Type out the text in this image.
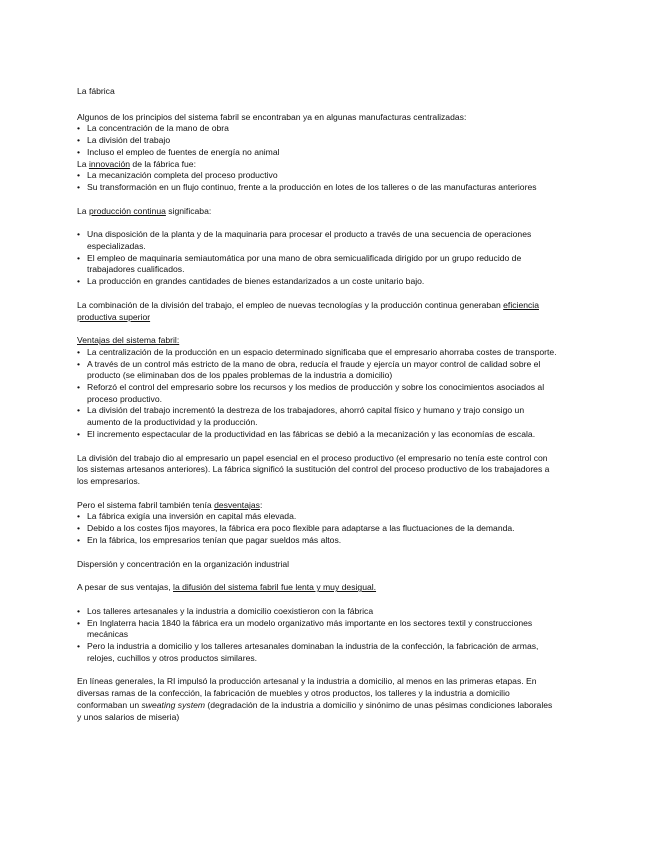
La fábrica

Algunos de los principios del sistema fabril se encontraban ya en algunas manufacturas centralizadas:

• La concentración de la mano de obra
• La división del trabajo
• Incluso el empleo de fuentes de energía no animal

La innovación de la fábrica fue:

• La mecanización completa del proceso productivo
• Su transformación en un flujo continuo, frente a la producción en lotes de los talleres o de las manufacturas anteriores

La producción continua significaba:

• Una disposición de la planta y de la maquinaria para procesar el producto a través de una secuencia de operaciones especializadas.
• El empleo de maquinaria semiautomática por una mano de obra semicualificada dirigido por un grupo reducido de trabajadores cualificados.
• La producción en grandes cantidades de bienes estandarizados a un coste unitario bajo.

La combinación de la división del trabajo, el empleo de nuevas tecnologías y la producción continua generaban eficiencia productiva superior

Ventajas del sistema fabril:

• La centralización de la producción en un espacio determinado significaba que el empresario ahorraba costes de transporte.
• A través de un control más estricto de la mano de obra, reducía el fraude y ejercía un mayor control de calidad sobre el producto (se eliminaban dos de los ppales problemas de la industria a domicilio)
• Reforzó el control del empresario sobre los recursos y los medios de producción y sobre los conocimientos asociados al proceso productivo.
• La división del trabajo incrementó la destreza de los trabajadores, ahorró capital físico y humano y trajo consigo un aumento de la productividad y la producción.
• El incremento espectacular de la productividad en las fábricas se debió a la mecanización y las economías de escala.

La división del trabajo dio al empresario un papel esencial en el proceso productivo (el empresario no tenía este control con los sistemas artesanos anteriores). La fábrica significó la sustitución del control del proceso productivo de los trabajadores a los empresarios.

Pero el sistema fabril también tenía desventajas:

• La fábrica exigía una inversión en capital más elevada.
• Debido a los costes fijos mayores, la fábrica era poco flexible para adaptarse a las fluctuaciones de la demanda.
• En la fábrica, los empresarios tenían que pagar sueldos más altos.

Dispersión y concentración en la organización industrial

A pesar de sus ventajas, la difusión del sistema fabril fue lenta y muy desigual.

• Los talleres artesanales y la industria a domicilio coexistieron con la fábrica
• En Inglaterra hacia 1840 la fábrica era un modelo organizativo más importante en los sectores textil y construcciones mecánicas
• Pero la industria a domicilio y los talleres artesanales dominaban la industria de la confección, la fabricación de armas, relojes, cuchillos y otros productos similares.

En líneas generales, la RI impulsó la producción artesanal y la industria a domicilio, al menos en las primeras etapas. En diversas ramas de la confección, la fabricación de muebles y otros productos, los talleres y la industria a domicilio conformaban un sweating system (degradación de la industria a domicilio y sinónimo de unas pésimas condiciones laborales y unos salarios de miseria)
